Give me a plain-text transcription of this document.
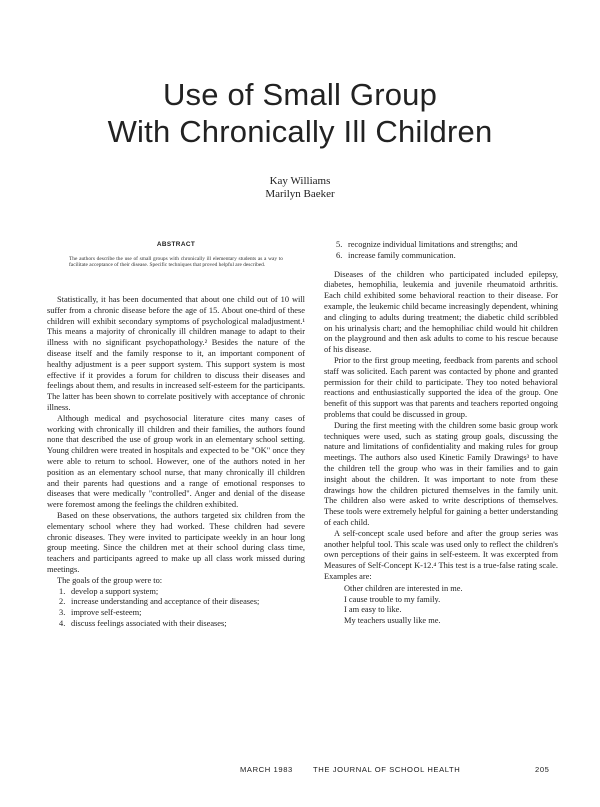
Use of Small Group
With Chronically Ill Children
Kay Williams
Marilyn Baeker
ABSTRACT
The authors describe the use of small groups with chronically ill elementary students as a way to facilitate acceptance of their disease. Specific techniques that proved helpful are described.

Statistically, it has been documented that about one child out of 10 will suffer from a chronic disease before the age of 15. About one-third of these children will exhibit secondary symptoms of psychological maladjustment.¹ This means a majority of chronically ill children manage to adapt to their illness with no significant psychopathology.² Besides the nature of the disease itself and the family response to it, an important component of healthy adjustment is a peer support system. This support system is most effective if it provides a forum for children to discuss their diseases and feelings about them, and results in increased self-esteem for the participants. The latter has been shown to correlate positively with acceptance of chronic illness.

Although medical and psychosocial literature cites many cases of working with chronically ill children and their families, the authors found none that described the use of group work in an elementary school setting. Young children were treated in hospitals and expected to be "OK" once they were able to return to school. However, one of the authors noted in her position as an elementary school nurse, that many chronically ill children and their parents had questions and a range of emotional responses to diseases that were medically "controlled". Anger and denial of the disease were foremost among the feelings the children exhibited.

Based on these observations, the authors targeted six children from the elementary school where they had worked. These children had severe chronic diseases. They were invited to participate weekly in an hour long group meeting. Since the children met at their school during class time, teachers and participants agreed to make up all class work missed during meetings.

The goals of the group were to:

1. develop a support system;
2. increase understanding and acceptance of their diseases;
3. improve self-esteem;
4. discuss feelings associated with their diseases;
5. recognize individual limitations and strengths; and
6. increase family communication.

Diseases of the children who participated included epilepsy, diabetes, hemophilia, leukemia and juvenile rheumatoid arthritis. Each child exhibited some behavioral reaction to their disease. For example, the leukemic child became increasingly dependent, whining and clinging to adults during treatment; the diabetic child scribbled on his urinalysis chart; and the hemophiliac child would hit children on the playground and then ask adults to come to his rescue because of his disease.

Prior to the first group meeting, feedback from parents and school staff was solicited. Each parent was contacted by phone and granted permission for their child to participate. They too noted behavioral reactions and enthusiastically supported the idea of the group. One benefit of this support was that parents and teachers reported ongoing problems that could be discussed in group.

During the first meeting with the children some basic group work techniques were used, such as stating group goals, discussing the nature and limitations of confidentiality and making rules for group meetings. The authors also used Kinetic Family Drawings³ to have the children tell the group who was in their families and to gain insight about the children. It was important to note from these drawings how the children pictured themselves in the family unit. The children also were asked to write descriptions of themselves. These tools were extremely helpful for gaining a better understanding of each child.

A self-concept scale used before and after the group series was another helpful tool. This scale was used only to reflect the children's own perceptions of their gains in self-esteem. It was excerpted from Measures of Self-Concept K-12.⁴ This test is a true-false rating scale. Examples are:

Other children are interested in me.
I cause trouble to my family.
I am easy to like.
My teachers usually like me.
MARCH 1983	THE JOURNAL OF SCHOOL HEALTH	205
